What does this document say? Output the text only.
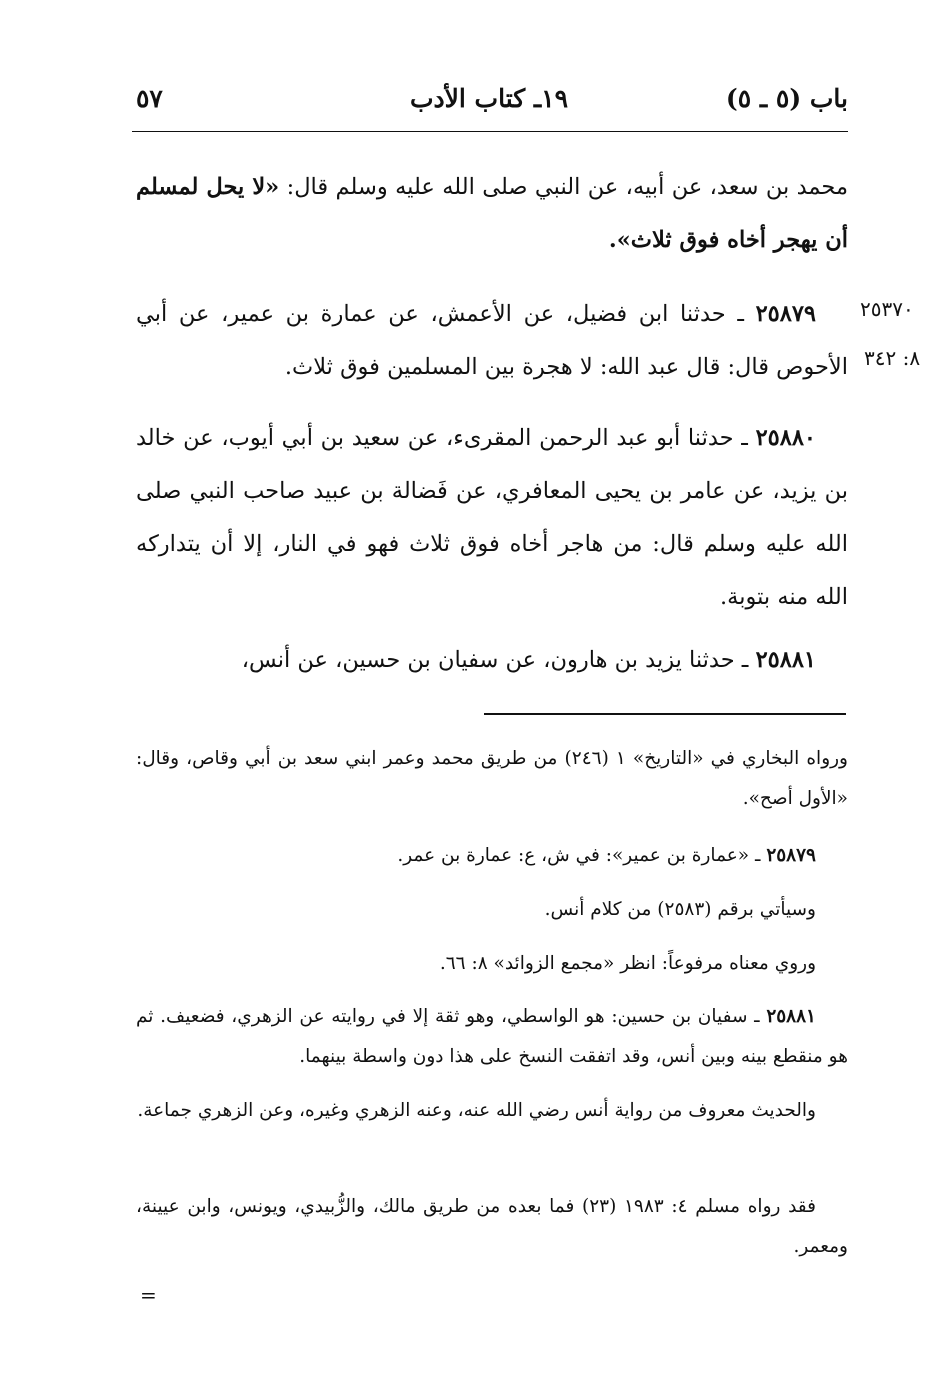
٥٧	١٩ـ كتاب الأدب	باب (٥ ـ ٥)
محمد بن سعد، عن أبيه، عن النبي صلى الله عليه وسلم قال: «لا يحل لمسلم أن يهجر أخاه فوق ثلاث».
٢٥٨٧٩ ـ حدثنا ابن فضيل، عن الأعمش، عن عمارة بن عمير، عن أبي الأحوص قال: قال عبد الله: لا هجرة بين المسلمين فوق ثلاث.
٢٥٣٧٠
٨: ٣٤٢
٢٥٨٨٠ ـ حدثنا أبو عبد الرحمن المقرىء، عن سعيد بن أبي أيوب، عن خالد بن يزيد، عن عامر بن يحيى المعافري، عن فَضالة بن عبيد صاحب النبي صلى الله عليه وسلم قال: من هاجر أخاه فوق ثلاث فهو في النار، إلا أن يتداركه الله منه بتوبة.
٢٥٨٨١ ـ حدثنا يزيد بن هارون، عن سفيان بن حسين، عن أنس،
ورواه البخاري في «التاريخ» ١ (٢٤٦) من طريق محمد وعمر ابني سعد بن أبي وقاص، وقال: «الأول أصح».
٢٥٨٧٩ ـ «عمارة بن عمير»: في ش، ع: عمارة بن عمر.
وسيأتي برقم (٢٥٨٣) من كلام أنس.
وروي معناه مرفوعاً: انظر «مجمع الزوائد» ٨: ٦٦.
٢٥٨٨١ ـ سفيان بن حسين: هو الواسطي، وهو ثقة إلا في روايته عن الزهري، فضعيف. ثم هو منقطع بينه وبين أنس، وقد اتفقت النسخ على هذا دون واسطة بينهما.
والحديث معروف من رواية أنس رضي الله عنه، وعنه الزهري وغيره، وعن الزهري جماعة.
فقد رواه مسلم ٤: ١٩٨٣ (٢٣) فما بعده من طريق مالك، والزُّبيدي، ويونس، وابن عيينة، ومعمر.
=
